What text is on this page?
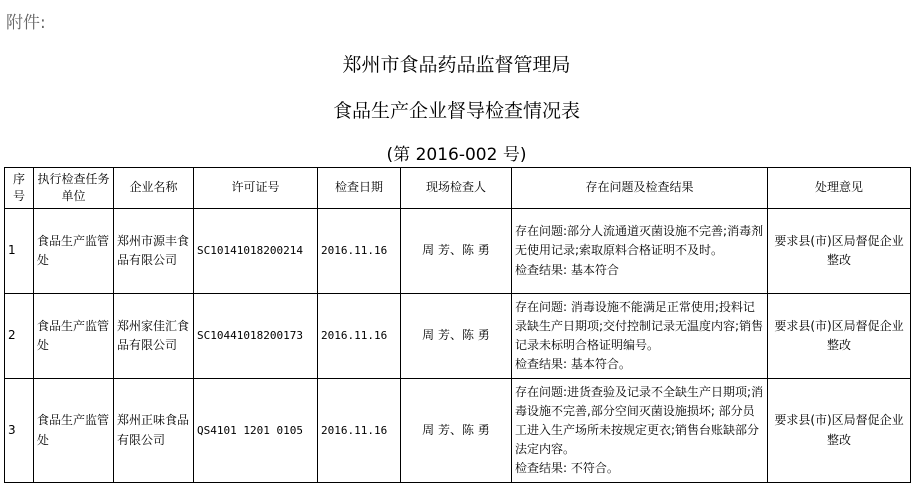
附件:
郑州市食品药品监督管理局
食品生产企业督导检查情况表
(第 2016-002 号)
序号	执行检查任务单位	企业名称	许可证号	检查日期	现场检查人	存在问题及检查结果	处理意见
1	食品生产监管处	郑州市源丰食品有限公司	SC10141018200214	2016.11.16	周 芳、陈 勇	存在问题:部分人流通道灭菌设施不完善;消毒剂无使用记录;索取原料合格证明不及时。
检查结果: 基本符合	要求县(市)区局督促企业整改
2	食品生产监管处	郑州家佳汇食品有限公司	SC10441018200173	2016.11.16	周 芳、陈 勇	存在问题: 消毒设施不能满足正常使用;投料记录缺生产日期项;交付控制记录无温度内容;销售记录未标明合格证明编号。
检查结果: 基本符合。	要求县(市)区局督促企业整改
3	食品生产监管处	郑州正味食品有限公司	QS4101 1201 0105	2016.11.16	周 芳、陈 勇	存在问题:进货查验及记录不全缺生产日期项;消毒设施不完善,部分空间灭菌设施损坏; 部分员工进入生产场所未按规定更衣;销售台账缺部分法定内容。
检查结果: 不符合。	要求县(市)区局督促企业整改
